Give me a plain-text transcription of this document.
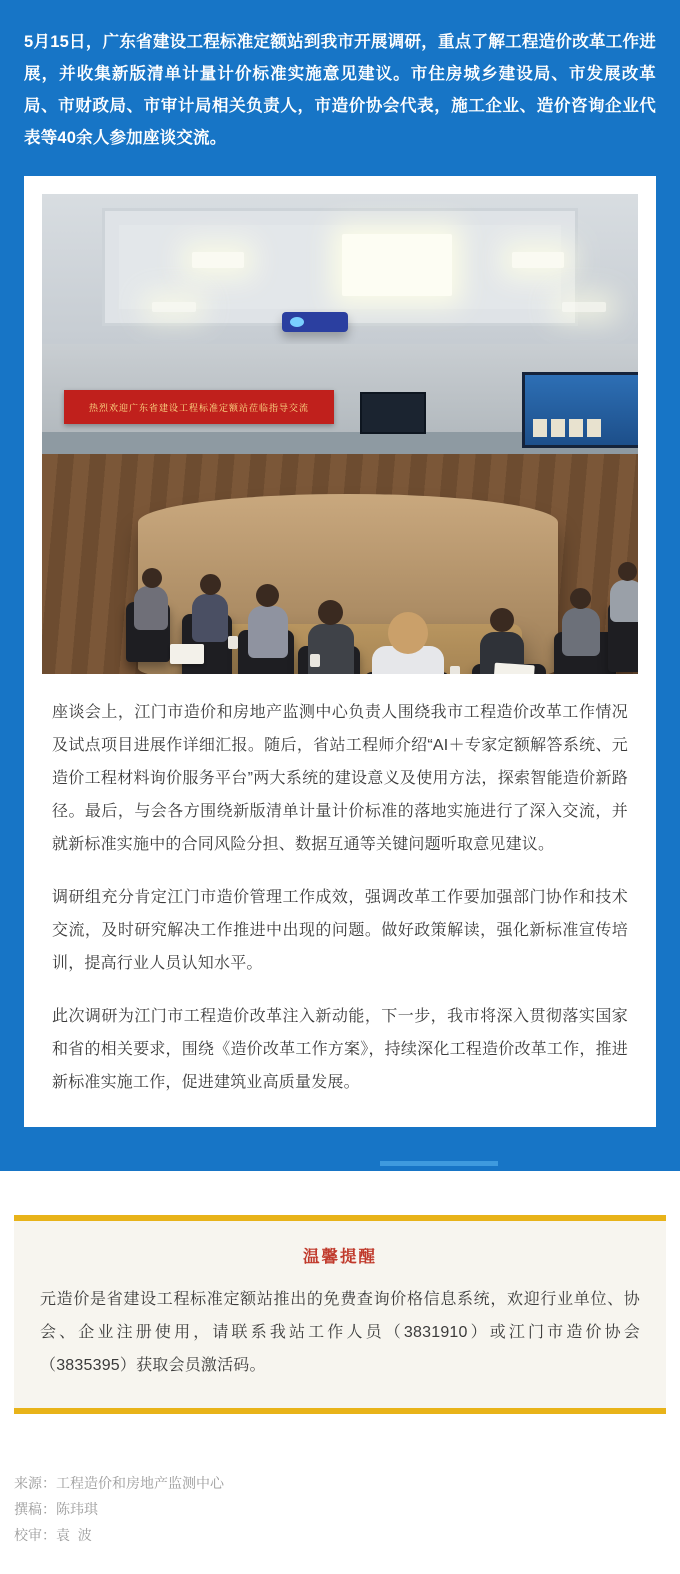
5月15日，广东省建设工程标准定额站到我市开展调研，重点了解工程造价改革工作进展，并收集新版清单计量计价标准实施意见建议。市住房城乡建设局、市发展改革局、市财政局、市审计局相关负责人，市造价协会代表，施工企业、造价咨询企业代表等40余人参加座谈交流。

热烈欢迎广东省建设工程标准定额站莅临指导交流

座谈会上，江门市造价和房地产监测中心负责人围绕我市工程造价改革工作情况及试点项目进展作详细汇报。随后，省站工程师介绍“AI＋专家定额解答系统、元造价工程材料询价服务平台”两大系统的建设意义及使用方法，探索智能造价新路径。最后，与会各方围绕新版清单计量计价标准的落地实施进行了深入交流，并就新标准实施中的合同风险分担、数据互通等关键问题听取意见建议。

调研组充分肯定江门市造价管理工作成效，强调改革工作要加强部门协作和技术交流，及时研究解决工作推进中出现的问题。做好政策解读，强化新标准宣传培训，提高行业人员认知水平。

此次调研为江门市工程造价改革注入新动能，下一步，我市将深入贯彻落实国家和省的相关要求，围绕《造价改革工作方案》，持续深化工程造价改革工作，推进新标准实施工作，促进建筑业高质量发展。

温馨提醒
元造价是省建设工程标准定额站推出的免费查询价格信息系统，欢迎行业单位、协会、企业注册使用，请联系我站工作人员（3831910）或江门市造价协会（3835395）获取会员激活码。
来源：工程造价和房地产监测中心
撰稿：陈玮琪
校审：袁  波
